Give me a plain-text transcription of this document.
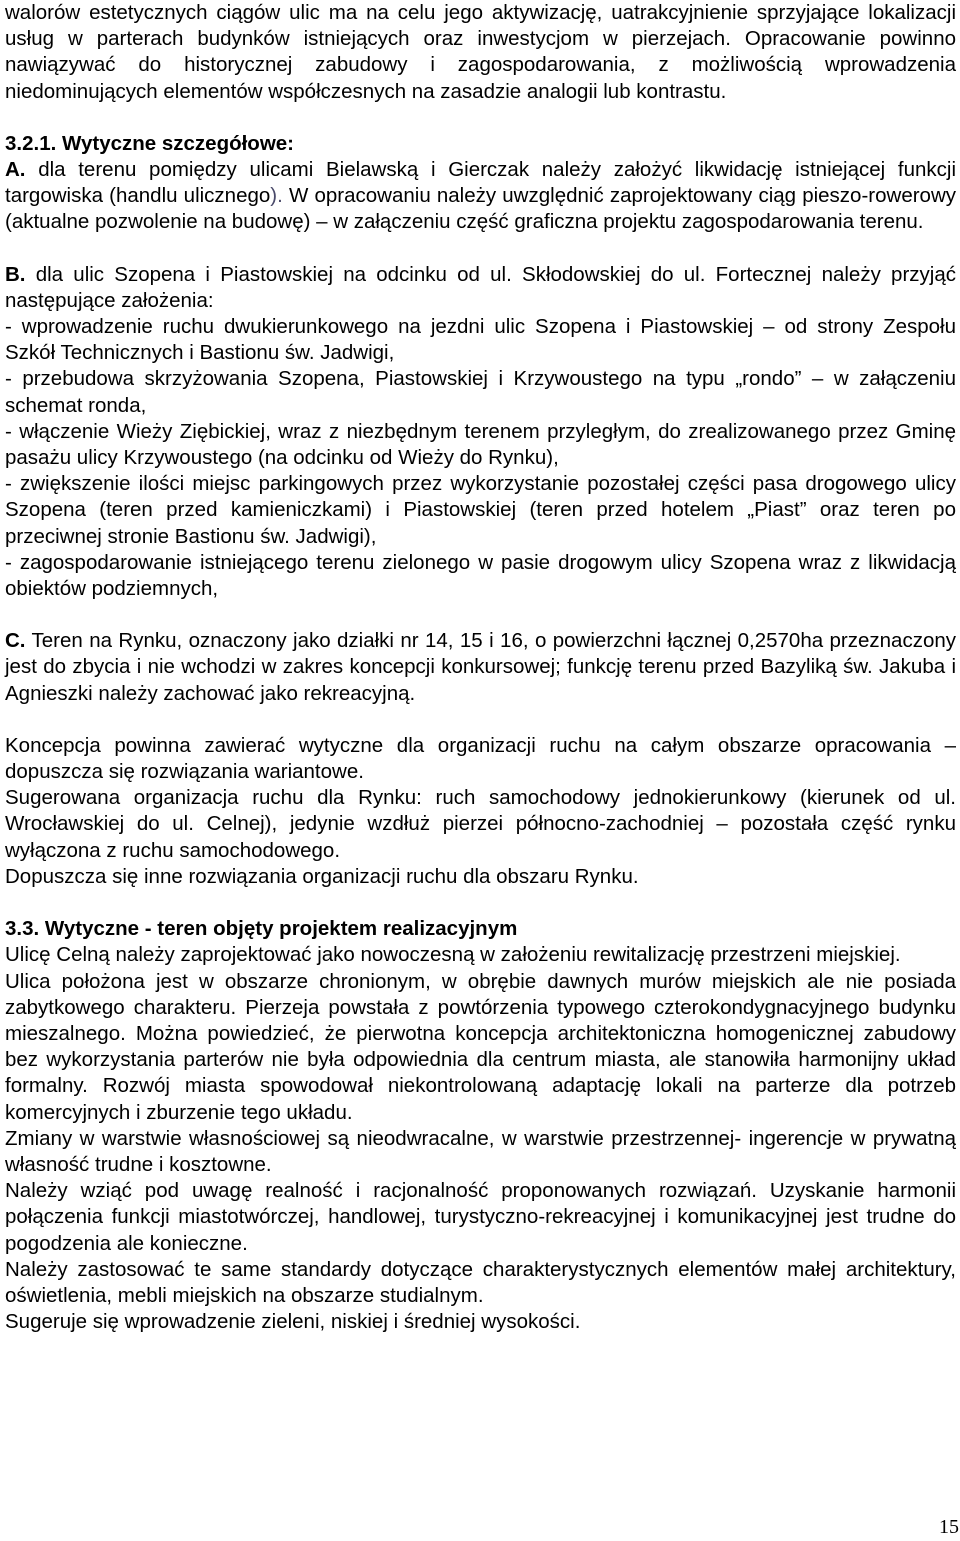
walorów estetycznych ciągów ulic ma na celu jego aktywizację, uatrakcyjnienie sprzyjające lokalizacji usług w parterach budynków istniejących oraz inwestycjom w pierzejach. Opracowanie powinno nawiązywać do historycznej zabudowy i zagospodarowania, z możliwością wprowadzenia niedominujących elementów współczesnych na zasadzie analogii lub kontrastu.

3.2.1. Wytyczne szczegółowe:

A. dla terenu pomiędzy ulicami Bielawską i Gierczak należy założyć likwidację istniejącej funkcji targowiska (handlu ulicznego). W opracowaniu należy uwzględnić zaprojektowany ciąg pieszo-rowerowy (aktualne pozwolenie na budowę) – w załączeniu część graficzna projektu zagospodarowania terenu.

B. dla ulic Szopena i Piastowskiej na odcinku od ul. Skłodowskiej do ul. Fortecznej należy przyjąć następujące założenia:

- wprowadzenie ruchu dwukierunkowego na jezdni ulic Szopena i Piastowskiej – od strony Zespołu Szkół Technicznych i Bastionu św. Jadwigi,

- przebudowa skrzyżowania Szopena, Piastowskiej i Krzywoustego na typu „rondo” – w załączeniu schemat ronda,

- włączenie Wieży Ziębickiej, wraz z niezbędnym terenem przyległym, do zrealizowanego przez Gminę pasażu ulicy Krzywoustego (na odcinku od Wieży do Rynku),

- zwiększenie ilości miejsc parkingowych przez wykorzystanie pozostałej części pasa drogowego ulicy Szopena (teren przed kamieniczkami) i Piastowskiej (teren przed hotelem „Piast” oraz teren po przeciwnej stronie Bastionu św. Jadwigi),

- zagospodarowanie istniejącego terenu zielonego w pasie drogowym ulicy Szopena wraz z likwidacją obiektów podziemnych,

C. Teren na Rynku, oznaczony jako działki nr 14, 15 i 16, o powierzchni łącznej 0,2570ha przeznaczony jest do zbycia i nie wchodzi w zakres koncepcji konkursowej; funkcję terenu przed Bazyliką św. Jakuba i Agnieszki należy zachować jako rekreacyjną.

Koncepcja powinna zawierać wytyczne dla organizacji ruchu na całym obszarze opracowania – dopuszcza się rozwiązania wariantowe.

Sugerowana organizacja ruchu dla Rynku: ruch samochodowy jednokierunkowy (kierunek od ul. Wrocławskiej do ul. Celnej), jedynie wzdłuż pierzei północno-zachodniej – pozostała część rynku wyłączona z ruchu samochodowego.

Dopuszcza się inne rozwiązania organizacji ruchu dla obszaru Rynku.

3.3. Wytyczne - teren objęty projektem realizacyjnym

Ulicę Celną należy zaprojektować jako nowoczesną w założeniu rewitalizację przestrzeni miejskiej.

Ulica położona jest w obszarze chronionym, w obrębie dawnych murów miejskich ale nie posiada zabytkowego charakteru. Pierzeja powstała z powtórzenia typowego czterokondygnacyjnego budynku mieszalnego. Można powiedzieć, że pierwotna koncepcja architektoniczna homogenicznej zabudowy bez wykorzystania parterów nie była odpowiednia dla centrum miasta, ale stanowiła harmonijny układ formalny. Rozwój miasta spowodował niekontrolowaną adaptację lokali na parterze dla potrzeb komercyjnych i zburzenie tego układu.

Zmiany w warstwie własnościowej są nieodwracalne, w warstwie przestrzennej- ingerencje w prywatną własność trudne i kosztowne.

Należy wziąć pod uwagę realność i racjonalność proponowanych rozwiązań. Uzyskanie harmonii połączenia funkcji miastotwórczej, handlowej, turystyczno-rekreacyjnej i komunikacyjnej jest trudne do pogodzenia ale konieczne.

Należy zastosować te same standardy dotyczące charakterystycznych elementów małej architektury, oświetlenia, mebli miejskich na obszarze studialnym.

Sugeruje się wprowadzenie zieleni, niskiej i średniej wysokości.

15
